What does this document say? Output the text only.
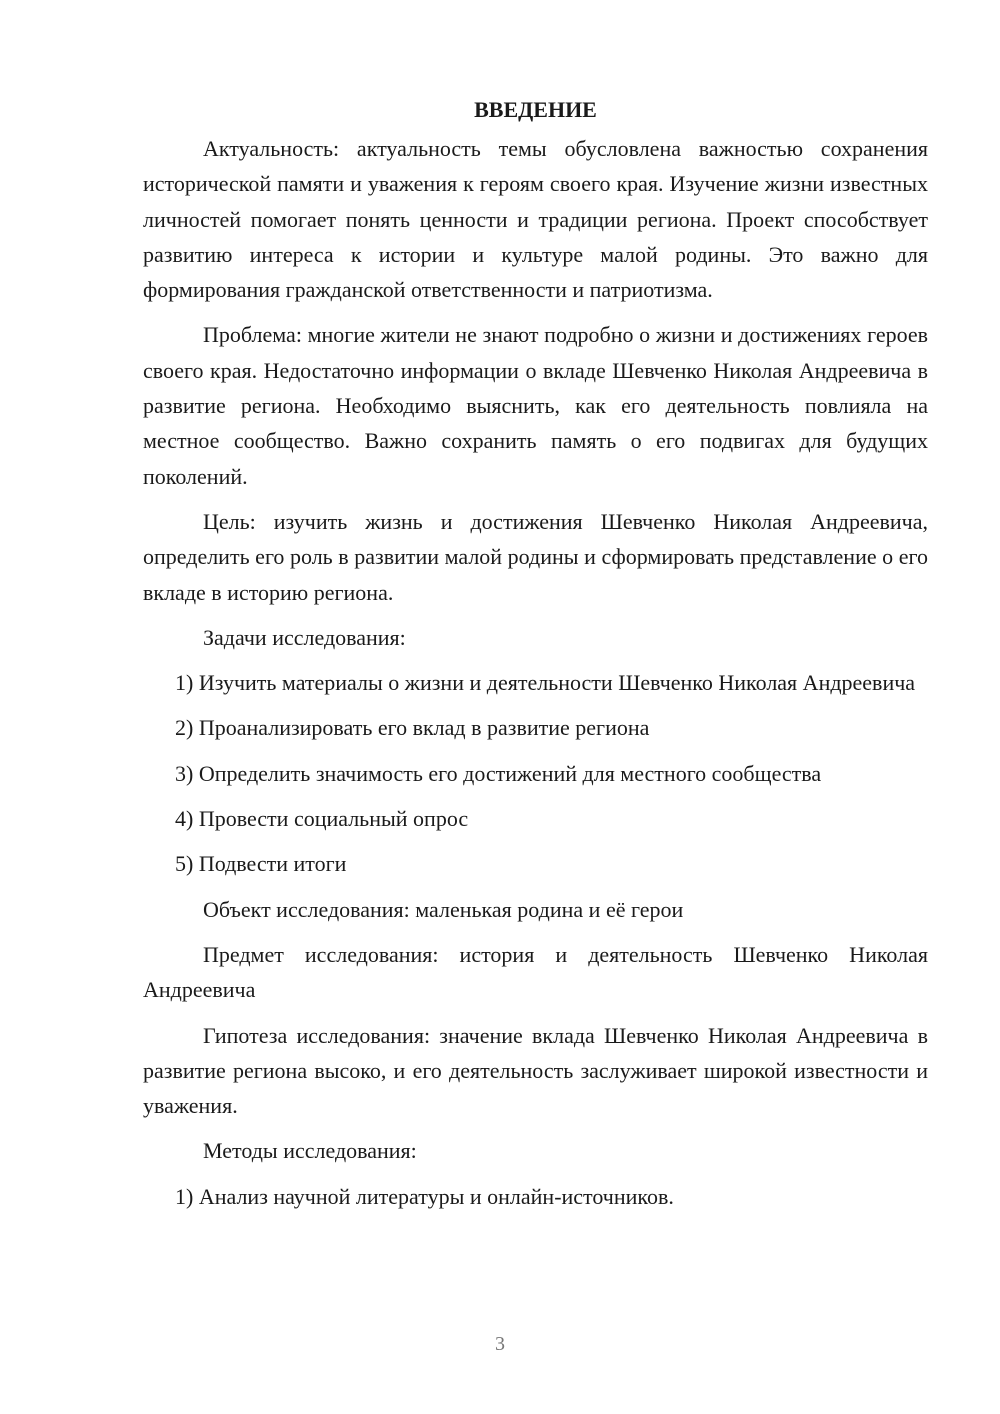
ВВЕДЕНИЕ

Актуальность: актуальность темы обусловлена важностью сохранения исторической памяти и уважения к героям своего края. Изучение жизни известных личностей помогает понять ценности и традиции региона. Проект способствует развитию интереса к истории и культуре малой родины. Это важно для формирования гражданской ответственности и патриотизма.

Проблема: многие жители не знают подробно о жизни и достижениях героев своего края. Недостаточно информации о вкладе Шевченко Николая Андреевича в развитие региона. Необходимо выяснить, как его деятельность повлияла на местное сообщество. Важно сохранить память о его подвигах для будущих поколений.

Цель: изучить жизнь и достижения Шевченко Николая Андреевича, определить его роль в развитии малой родины и сформировать представление о его вкладе в историю региона.

Задачи исследования:

1) Изучить материалы о жизни и деятельности Шевченко Николая Андреевича

2) Проанализировать его вклад в развитие региона

3) Определить значимость его достижений для местного сообщества

4) Провести социальный опрос

5) Подвести итоги

Объект исследования: маленькая родина и её герои

Предмет исследования: история и деятельность Шевченко Николая Андреевича

Гипотеза исследования: значение вклада Шевченко Николая Андреевича в развитие региона высоко, и его деятельность заслуживает широкой известности и уважения.

Методы исследования:

1) Анализ научной литературы и онлайн-источников.

3
